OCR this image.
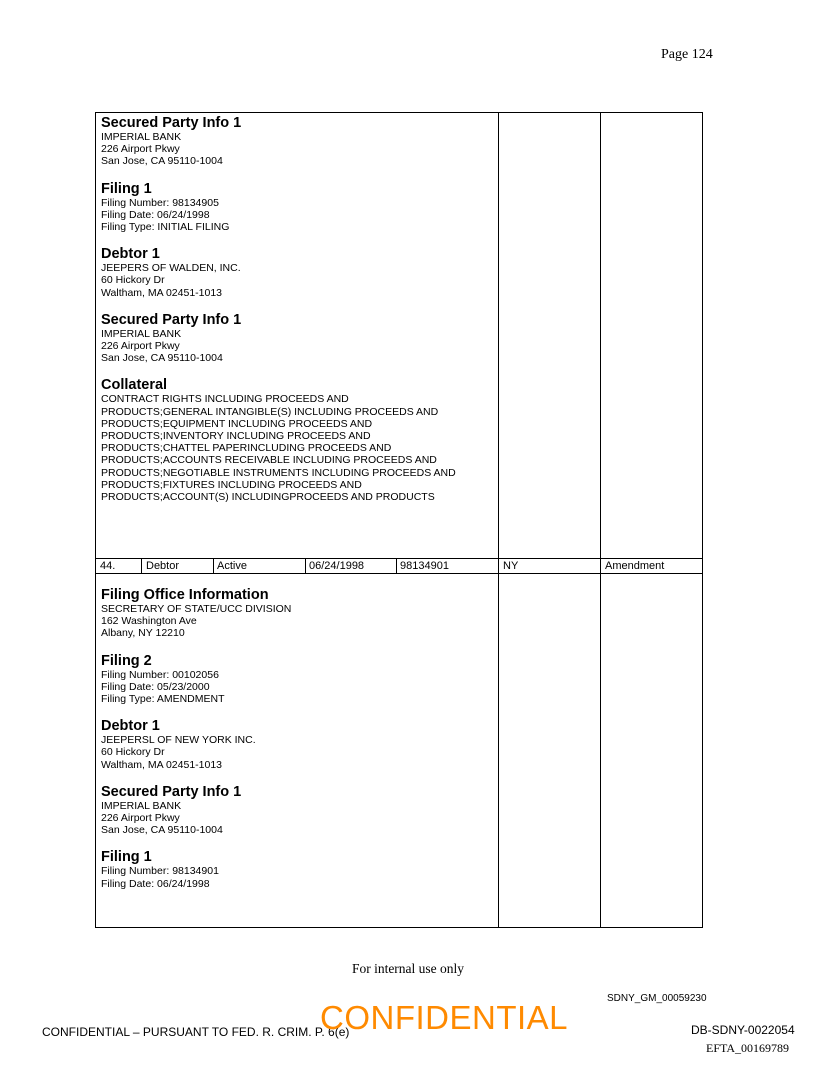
Page 124
Secured Party Info 1
IMPERIAL BANK
226 Airport Pkwy
San Jose, CA 95110-1004
Filing 1
Filing Number: 98134905
Filing Date: 06/24/1998
Filing Type: INITIAL FILING
Debtor 1
JEEPERS OF WALDEN, INC.
60 Hickory Dr
Waltham, MA 02451-1013
Secured Party Info 1
IMPERIAL BANK
226 Airport Pkwy
San Jose, CA 95110-1004
Collateral
CONTRACT RIGHTS INCLUDING PROCEEDS AND
PRODUCTS;GENERAL INTANGIBLE(S) INCLUDING PROCEEDS AND
PRODUCTS;EQUIPMENT INCLUDING PROCEEDS AND
PRODUCTS;INVENTORY INCLUDING PROCEEDS AND
PRODUCTS;CHATTEL PAPERINCLUDING PROCEEDS AND
PRODUCTS;ACCOUNTS RECEIVABLE INCLUDING PROCEEDS AND
PRODUCTS;NEGOTIABLE INSTRUMENTS INCLUDING PROCEEDS AND
PRODUCTS;FIXTURES INCLUDING PROCEEDS AND
PRODUCTS;ACCOUNT(S) INCLUDINGPROCEEDS AND PRODUCTS
44.	Debtor	Active	06/24/1998	98134901	NY	Amendment
Filing Office Information
SECRETARY OF STATE/UCC DIVISION
162 Washington Ave
Albany, NY 12210
Filing 2
Filing Number: 00102056
Filing Date: 05/23/2000
Filing Type: AMENDMENT
Debtor 1
JEEPERSL OF NEW YORK INC.
60 Hickory Dr
Waltham, MA 02451-1013
Secured Party Info 1
IMPERIAL BANK
226 Airport Pkwy
San Jose, CA 95110-1004
Filing 1
Filing Number: 98134901
Filing Date: 06/24/1998
For internal use only
SDNY_GM_00059230
CONFIDENTIAL – PURSUANT TO FED. R. CRIM. P. 6(e)
CONFIDENTIAL	DB-SDNY-0022054
EFTA_00169789
